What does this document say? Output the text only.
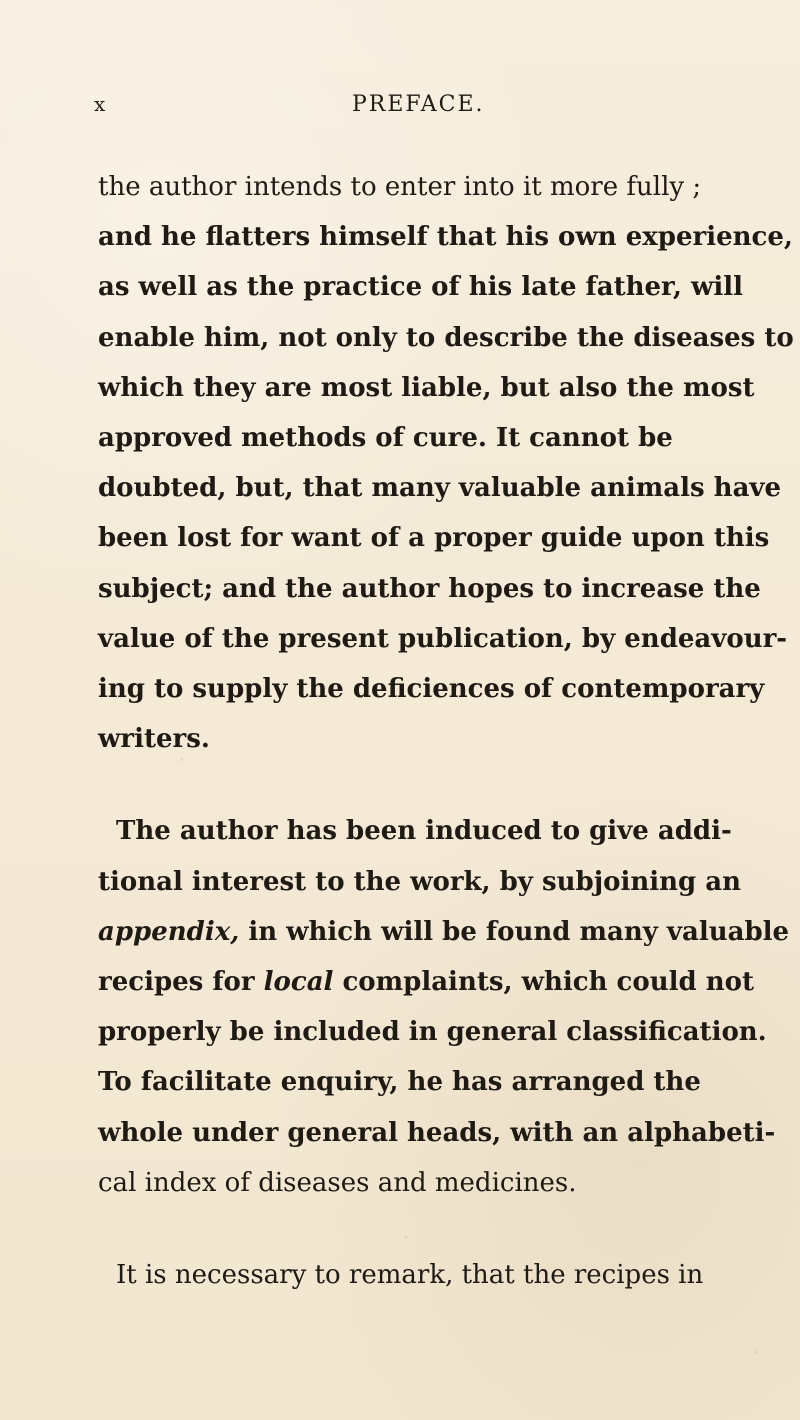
x	PREFACE.
the author intends to enter into it more fully ;
and he flatters himself that his own experience,
as well as the practice of his late father, will
enable him, not only to describe the diseases to
which they are most liable, but also the most
approved methods of cure. It cannot be
doubted, but, that many valuable animals have
been lost for want of a proper guide upon this
subject; and the author hopes to increase the
value of the present publication, by endeavour-
ing to supply the deficiences of contemporary
writers.
The author has been induced to give addi-
tional interest to the work, by subjoining an
appendix, in which will be found many valuable
recipes for local complaints, which could not
properly be included in general classification.
To facilitate enquiry, he has arranged the
whole under general heads, with an alphabeti-
cal index of diseases and medicines.
It is necessary to remark, that the recipes in
·
·
·
